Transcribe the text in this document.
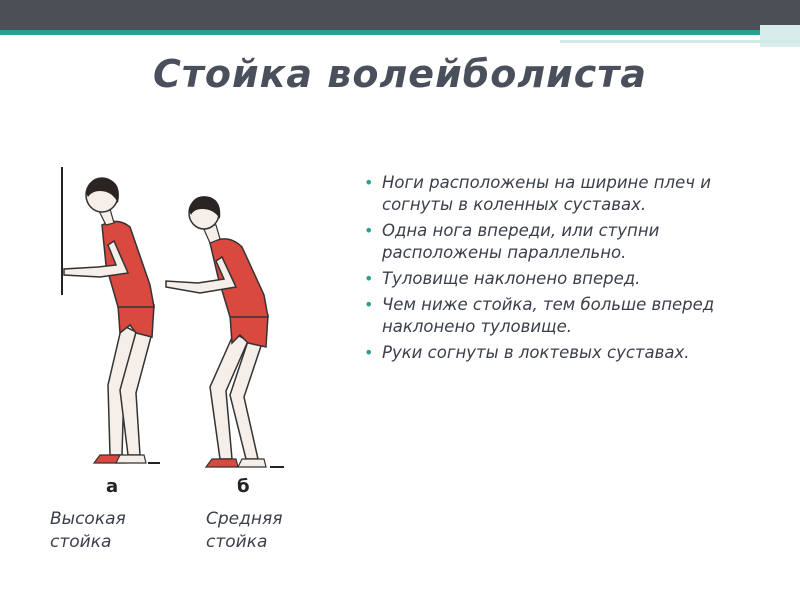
Стойка волейболиста
• Ноги расположены на ширине плеч и согнуты в коленных суставах.
• Одна нога впереди, или ступни расположены параллельно.
• Туловище наклонено вперед.
• Чем ниже стойка, тем больше вперед наклонено туловище.
• Руки согнуты в локтевых суставах.
а	б
Высокая стойка
Средняя стойка
